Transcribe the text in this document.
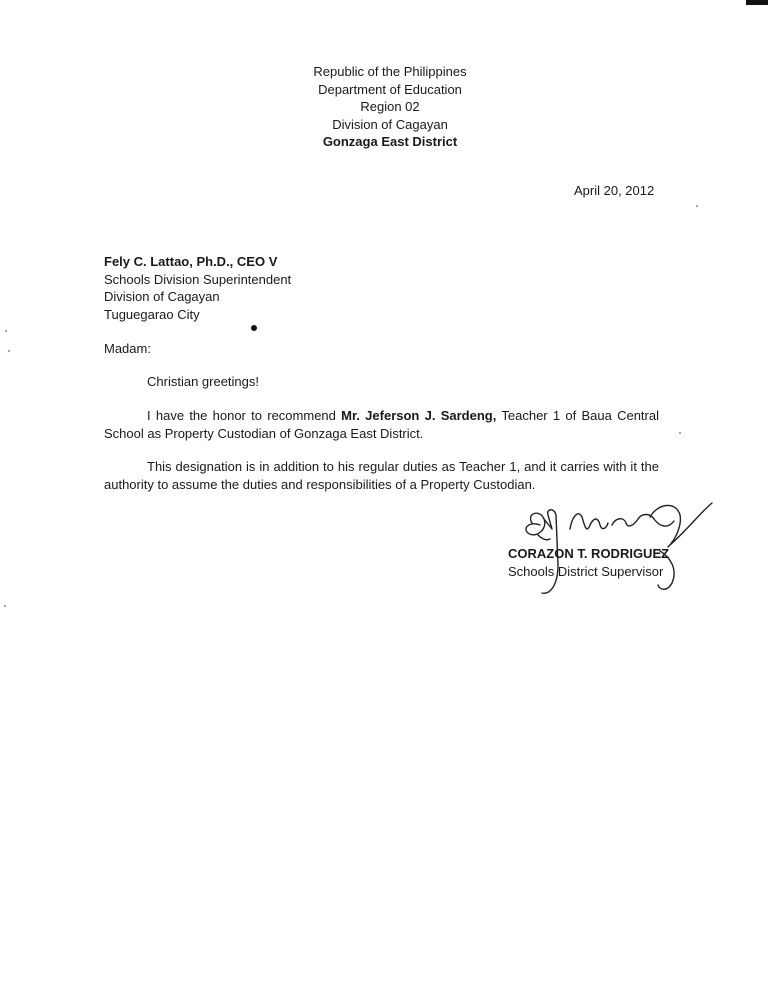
Republic of the Philippines
Department of Education
Region 02
Division of Cagayan
Gonzaga East District
April 20, 2012
Fely C. Lattao, Ph.D., CEO V
Schools Division Superintendent
Division of Cagayan
Tuguegarao City
Madam:
Christian greetings!
I have the honor to recommend Mr. Jeferson J. Sardeng, Teacher 1 of Baua Central School as Property Custodian of Gonzaga East District.
This designation is in addition to his regular duties as Teacher 1, and it carries with it the authority to assume the duties and responsibilities of a Property Custodian.
CORAZON T. RODRIGUEZ
Schools District Supervisor
